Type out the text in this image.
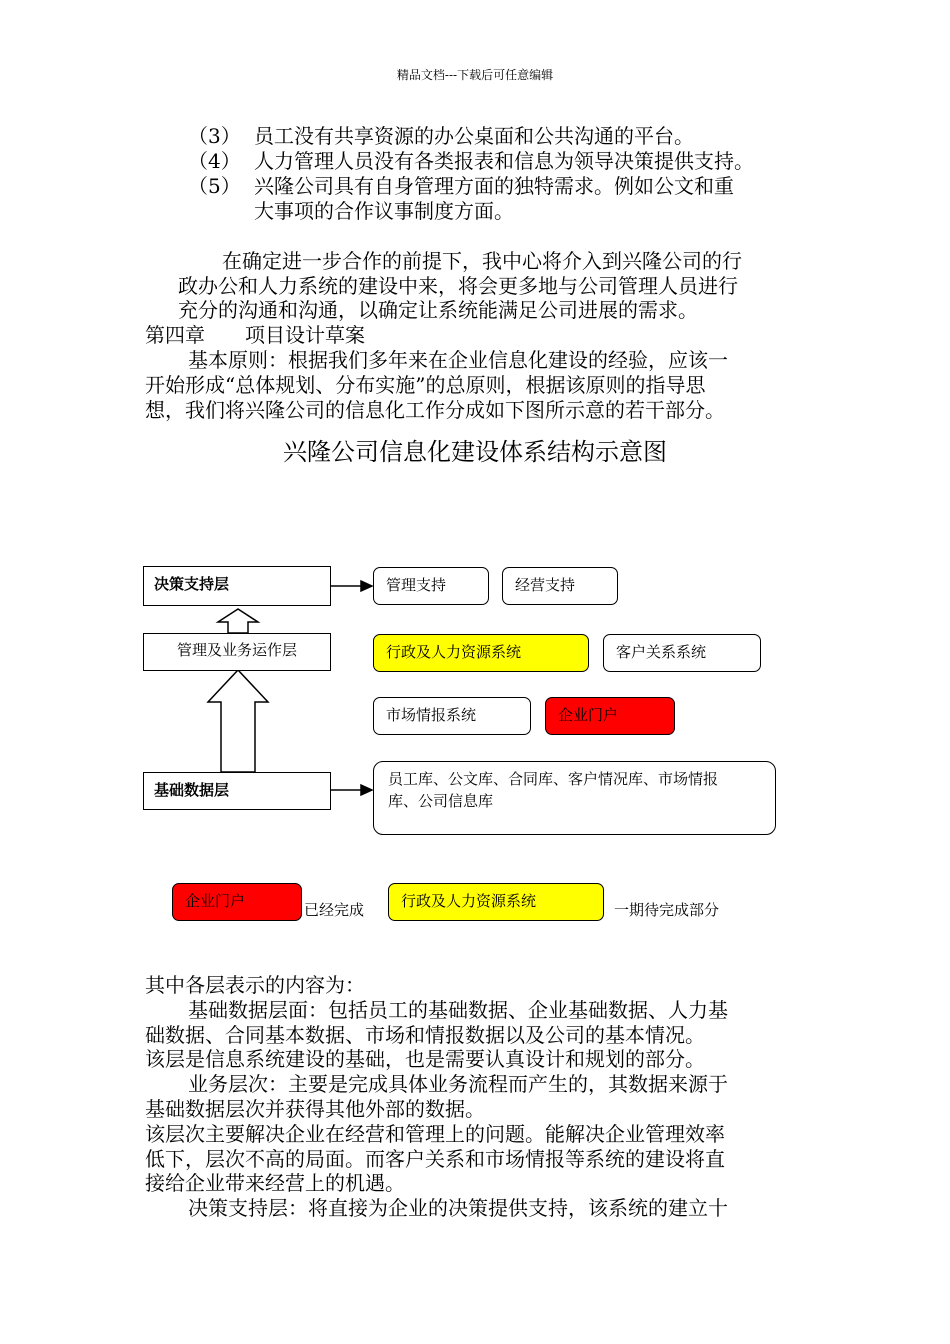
精品文档---下载后可任意编辑
（3） 员工没有共享资源的办公桌面和公共沟通的平台。
（4） 人力管理人员没有各类报表和信息为领导决策提供支持。
（5） 兴隆公司具有自身管理方面的独特需求。例如公文和重
大事项的合作议事制度方面。
在确定进一步合作的前提下，我中心将介入到兴隆公司的行
政办公和人力系统的建设中来，将会更多地与公司管理人员进行
充分的沟通和沟通，以确定让系统能满足公司进展的需求。
第四章 项目设计草案
基本原则：根据我们多年来在企业信息化建设的经验，应该一
开始形成“总体规划、分布实施”的总原则，根据该原则的指导思
想，我们将兴隆公司的信息化工作分成如下图所示意的若干部分。
兴隆公司信息化建设体系结构示意图
决策支持层
管理及业务运作层
基础数据层
管理支持	经营支持
行政及人力资源系统	客户关系系统
市场情报系统	企业门户
员工库、公文库、合同库、客户情况库、市场情报
库、公司信息库
企业门户	已经完成	行政及人力资源系统	一期待完成部分
其中各层表示的内容为：
基础数据层面：包括员工的基础数据、企业基础数据、人力基
础数据、合同基本数据、市场和情报数据以及公司的基本情况。
该层是信息系统建设的基础，也是需要认真设计和规划的部分。
业务层次：主要是完成具体业务流程而产生的，其数据来源于
基础数据层次并获得其他外部的数据。
该层次主要解决企业在经营和管理上的问题。能解决企业管理效率
低下，层次不高的局面。而客户关系和市场情报等系统的建设将直
接给企业带来经营上的机遇。
决策支持层：将直接为企业的决策提供支持，该系统的建立十
